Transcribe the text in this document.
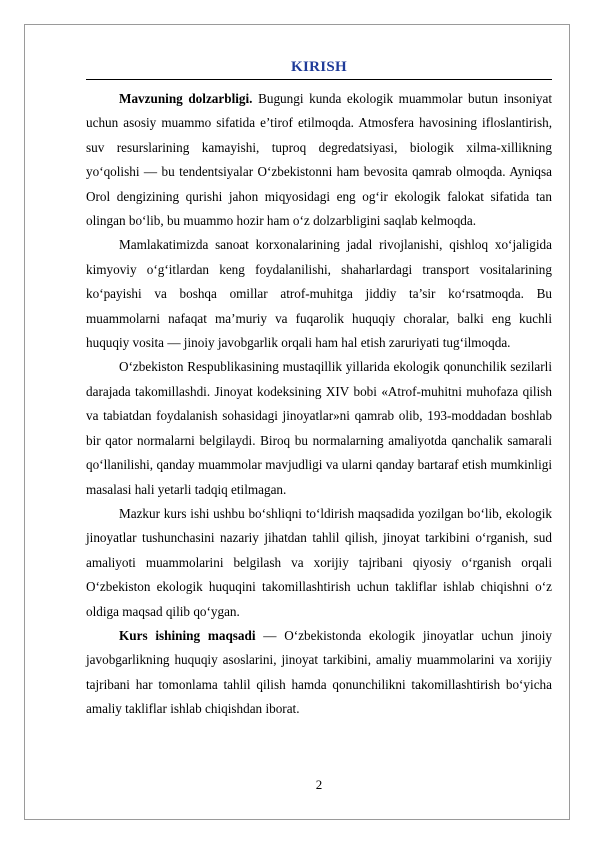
KIRISH

Mavzuning dolzarbligi. Bugungi kunda ekologik muammolar butun insoniyat uchun asosiy muammo sifatida e’tirof etilmoqda. Atmosfera havosining ifloslantirish, suv resurslarining kamayishi, tuproq degredatsiyasi, biologik xilma-xillikning yo‘qolishi — bu tendentsiyalar O‘zbekistonni ham bevosita qamrab olmoqda. Ayniqsa Orol dengizining qurishi jahon miqyosidagi eng og‘ir ekologik falokat sifatida tan olingan bo‘lib, bu muammo hozir ham o‘z dolzarbligini saqlab kelmoqda.

Mamlakatimizda sanoat korxonalarining jadal rivojlanishi, qishloq xo‘jaligida kimyoviy o‘g‘itlardan keng foydalanilishi, shaharlardagi transport vositalarining ko‘payishi va boshqa omillar atrof-muhitga jiddiy ta’sir ko‘rsatmoqda. Bu muammolarni nafaqat ma’muriy va fuqarolik huquqiy choralar, balki eng kuchli huquqiy vosita — jinoiy javobgarlik orqali ham hal etish zaruriyati tug‘ilmoqda.

O‘zbekiston Respublikasining mustaqillik yillarida ekologik qonunchilik sezilarli darajada takomillashdi. Jinoyat kodeksining XIV bobi «Atrof-muhitni muhofaza qilish va tabiatdan foydalanish sohasidagi jinoyatlar»ni qamrab olib, 193-moddadan boshlab bir qator normalarni belgilaydi. Biroq bu normalarning amaliyotda qanchalik samarali qo‘llanilishi, qanday muammolar mavjudligi va ularni qanday bartaraf etish mumkinligi masalasi hali yetarli tadqiq etilmagan.

Mazkur kurs ishi ushbu bo‘shliqni to‘ldirish maqsadida yozilgan bo‘lib, ekologik jinoyatlar tushunchasini nazariy jihatdan tahlil qilish, jinoyat tarkibini o‘rganish, sud amaliyoti muammolarini belgilash va xorijiy tajribani qiyosiy o‘rganish orqali O‘zbekiston ekologik huquqini takomillashtirish uchun takliflar ishlab chiqishni o‘z oldiga maqsad qilib qo‘ygan.

Kurs ishining maqsadi — O‘zbekistonda ekologik jinoyatlar uchun jinoiy javobgarlikning huquqiy asoslarini, jinoyat tarkibini, amaliy muammolarini va xorijiy tajribani har tomonlama tahlil qilish hamda qonunchilikni takomillashtirish bo‘yicha amaliy takliflar ishlab chiqishdan iborat.

2
